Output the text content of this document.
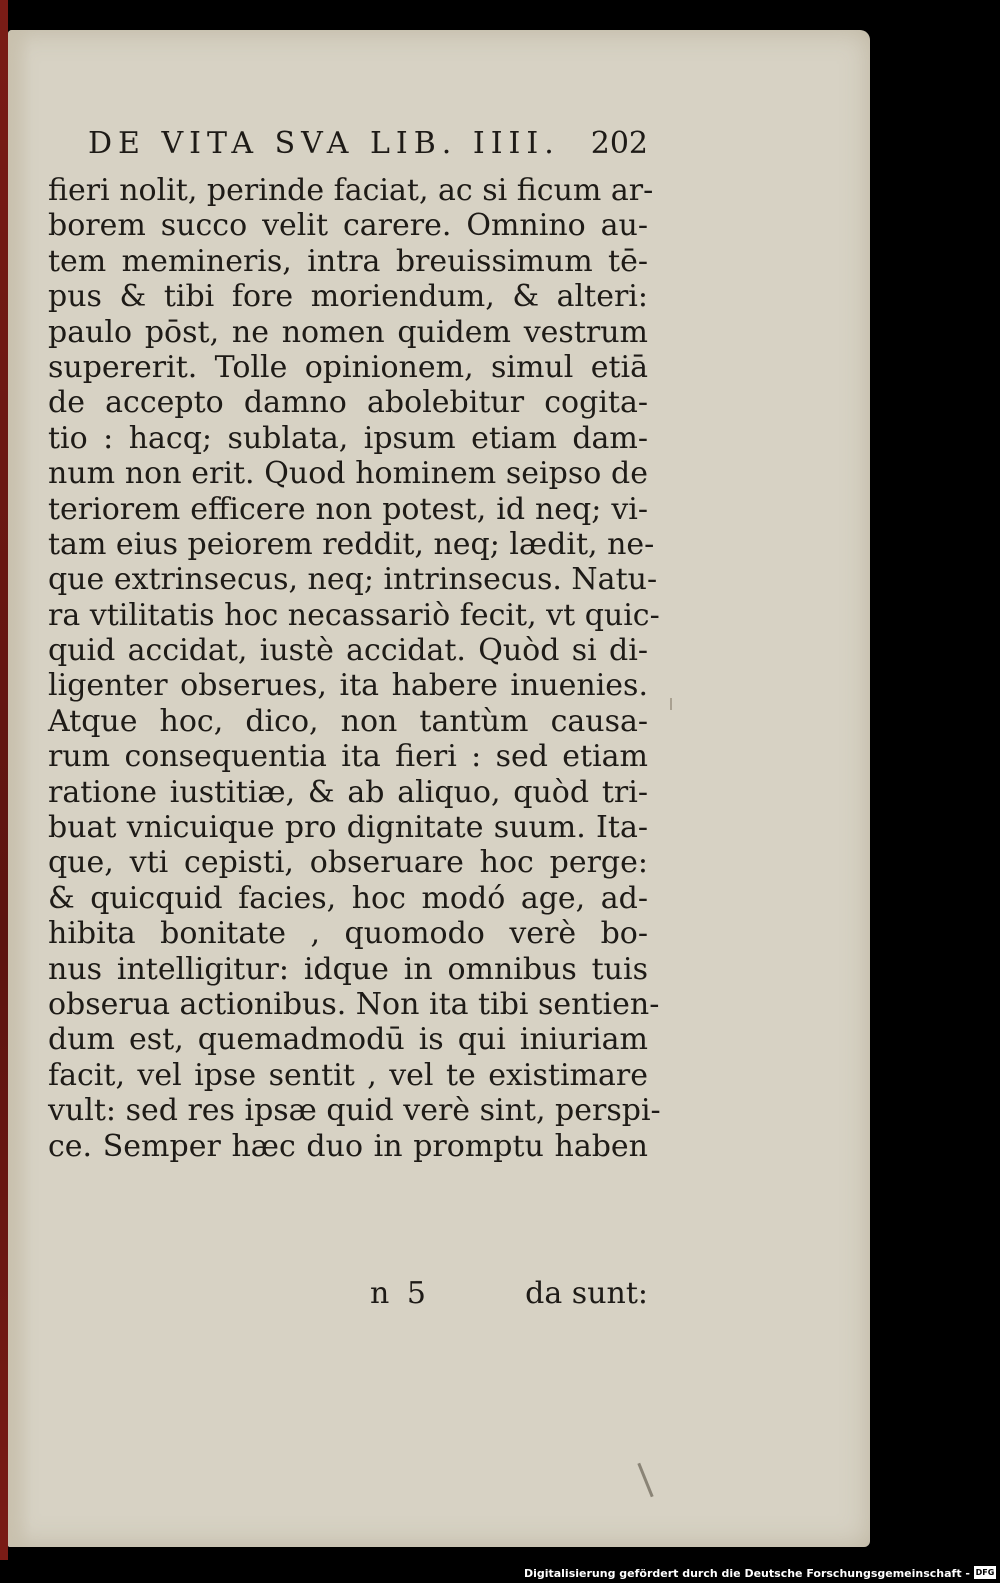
DE VITA SVA LIB. IIII. 202
fieri nolit, perinde faciat, ac si ficum ar-
borem succo velit carere. Omnino au-
tem memineris, intra breuissimum tē-
pus & tibi fore moriendum, & alteri:
paulo pōst, ne nomen quidem vestrum
supererit. Tolle opinionem, simul etiā
de accepto damno abolebitur cogita-
tio : hacq; sublata, ipsum etiam dam-
num non erit. Quod hominem seipso de
teriorem efficere non potest, id neq; vi-
tam eius peiorem reddit, neq; lædit, ne-
que extrinsecus, neq; intrinsecus. Natu-
ra vtilitatis hoc necassariò fecit, vt quic-
quid accidat, iustè accidat. Quòd si di-
ligenter obserues, ita habere inuenies.
Atque hoc, dico, non tantùm causa-
rum consequentia ita fieri : sed etiam
ratione iustitiæ, & ab aliquo, quòd tri-
buat vnicuique pro dignitate suum. Ita-
que, vti cepisti, obseruare hoc perge:
& quicquid facies, hoc modó age, ad-
hibita bonitate , quomodo verè bo-
nus intelligitur: idque in omnibus tuis
obserua actionibus. Non ita tibi sentien-
dum est, quemadmodū is qui iniuriam
facit, vel ipse sentit , vel te existimare
vult: sed res ipsæ quid verè sint, perspi-
ce. Semper hæc duo in promptu haben
n 5	da sunt:
Digitalisierung gefördert durch die Deutsche Forschungsgemeinschaft - DFG
